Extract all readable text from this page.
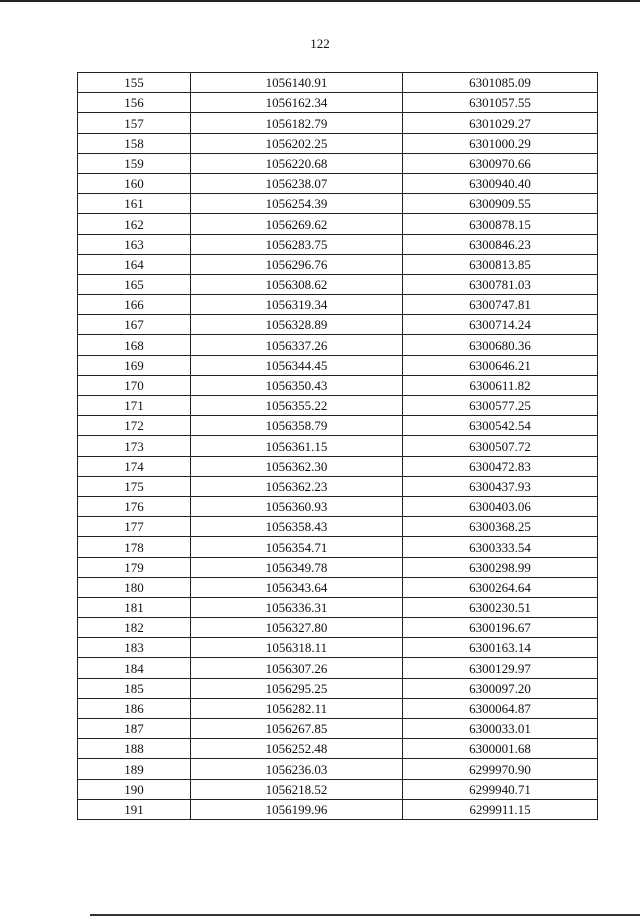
122
155	1056140.91	6301085.09
156	1056162.34	6301057.55
157	1056182.79	6301029.27
158	1056202.25	6301000.29
159	1056220.68	6300970.66
160	1056238.07	6300940.40
161	1056254.39	6300909.55
162	1056269.62	6300878.15
163	1056283.75	6300846.23
164	1056296.76	6300813.85
165	1056308.62	6300781.03
166	1056319.34	6300747.81
167	1056328.89	6300714.24
168	1056337.26	6300680.36
169	1056344.45	6300646.21
170	1056350.43	6300611.82
171	1056355.22	6300577.25
172	1056358.79	6300542.54
173	1056361.15	6300507.72
174	1056362.30	6300472.83
175	1056362.23	6300437.93
176	1056360.93	6300403.06
177	1056358.43	6300368.25
178	1056354.71	6300333.54
179	1056349.78	6300298.99
180	1056343.64	6300264.64
181	1056336.31	6300230.51
182	1056327.80	6300196.67
183	1056318.11	6300163.14
184	1056307.26	6300129.97
185	1056295.25	6300097.20
186	1056282.11	6300064.87
187	1056267.85	6300033.01
188	1056252.48	6300001.68
189	1056236.03	6299970.90
190	1056218.52	6299940.71
191	1056199.96	6299911.15
